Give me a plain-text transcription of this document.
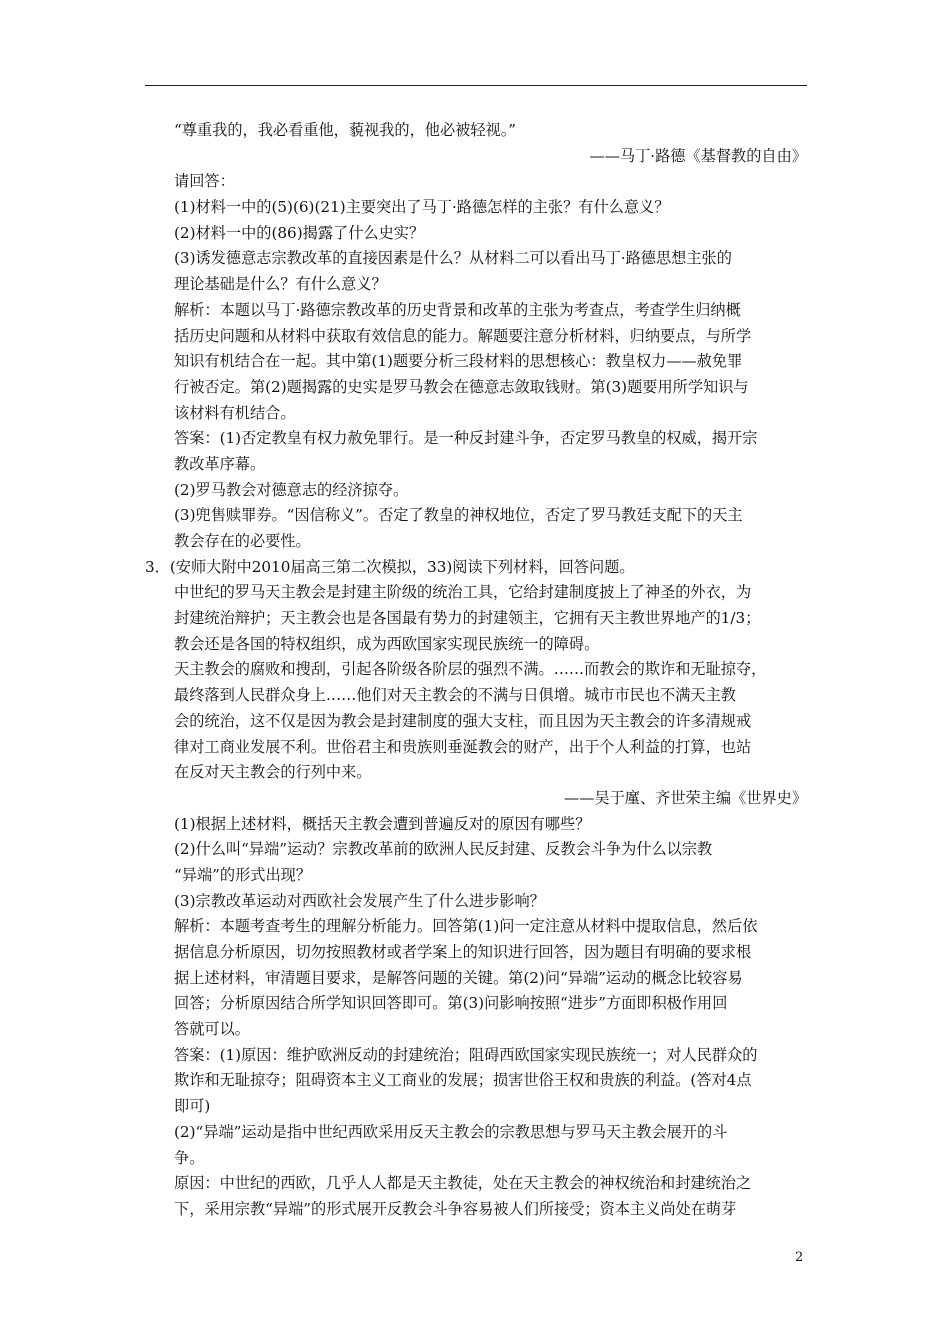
“尊重我的，我必看重他，藐视我的，他必被轻视。”
——马丁·路德《基督教的自由》
请回答：
(1)材料一中的(5)(6)(21)主要突出了马丁·路德怎样的主张？有什么意义？
(2)材料一中的(86)揭露了什么史实？
(3)诱发德意志宗教改革的直接因素是什么？从材料二可以看出马丁·路德思想主张的
理论基础是什么？有什么意义？
解析：本题以马丁·路德宗教改革的历史背景和改革的主张为考查点，考查学生归纳概
括历史问题和从材料中获取有效信息的能力。解题要注意分析材料，归纳要点，与所学
知识有机结合在一起。其中第(1)题要分析三段材料的思想核心：教皇权力——赦免罪
行被否定。第(2)题揭露的史实是罗马教会在德意志敛取钱财。第(3)题要用所学知识与
该材料有机结合。
答案：(1)否定教皇有权力赦免罪行。是一种反封建斗争，否定罗马教皇的权威，揭开宗
教改革序幕。
(2)罗马教会对德意志的经济掠夺。
(3)兜售赎罪券。“因信称义”。否定了教皇的神权地位，否定了罗马教廷支配下的天主
教会存在的必要性。
3．(安师大附中2010届高三第二次模拟，33)阅读下列材料，回答问题。
中世纪的罗马天主教会是封建主阶级的统治工具，它给封建制度披上了神圣的外衣，为
封建统治辩护；天主教会也是各国最有势力的封建领主，它拥有天主教世界地产的1/3；
教会还是各国的特权组织，成为西欧国家实现民族统一的障碍。
天主教会的腐败和搜刮，引起各阶级各阶层的强烈不满。……而教会的欺诈和无耻掠夺，
最终落到人民群众身上……他们对天主教会的不满与日俱增。城市市民也不满天主教
会的统治，这不仅是因为教会是封建制度的强大支柱，而且因为天主教会的许多清规戒
律对工商业发展不利。世俗君主和贵族则垂涎教会的财产，出于个人利益的打算，也站
在反对天主教会的行列中来。
——吴于廑、齐世荣主编《世界史》
(1)根据上述材料，概括天主教会遭到普遍反对的原因有哪些？
(2)什么叫“异端”运动？宗教改革前的欧洲人民反封建、反教会斗争为什么以宗教
“异端”的形式出现？
(3)宗教改革运动对西欧社会发展产生了什么进步影响？
解析：本题考查考生的理解分析能力。回答第(1)问一定注意从材料中提取信息，然后依
据信息分析原因，切勿按照教材或者学案上的知识进行回答，因为题目有明确的要求根
据上述材料，审清题目要求，是解答问题的关键。第(2)问“异端”运动的概念比较容易
回答；分析原因结合所学知识回答即可。第(3)问影响按照“进步”方面即积极作用回
答就可以。
答案：(1)原因：维护欧洲反动的封建统治；阻碍西欧国家实现民族统一；对人民群众的
欺诈和无耻掠夺；阻碍资本主义工商业的发展；损害世俗王权和贵族的利益。(答对4点
即可)
(2)“异端”运动是指中世纪西欧采用反天主教会的宗教思想与罗马天主教会展开的斗
争。
原因：中世纪的西欧，几乎人人都是天主教徒，处在天主教会的神权统治和封建统治之
下，采用宗教“异端”的形式展开反教会斗争容易被人们所接受；资本主义尚处在萌芽
2
